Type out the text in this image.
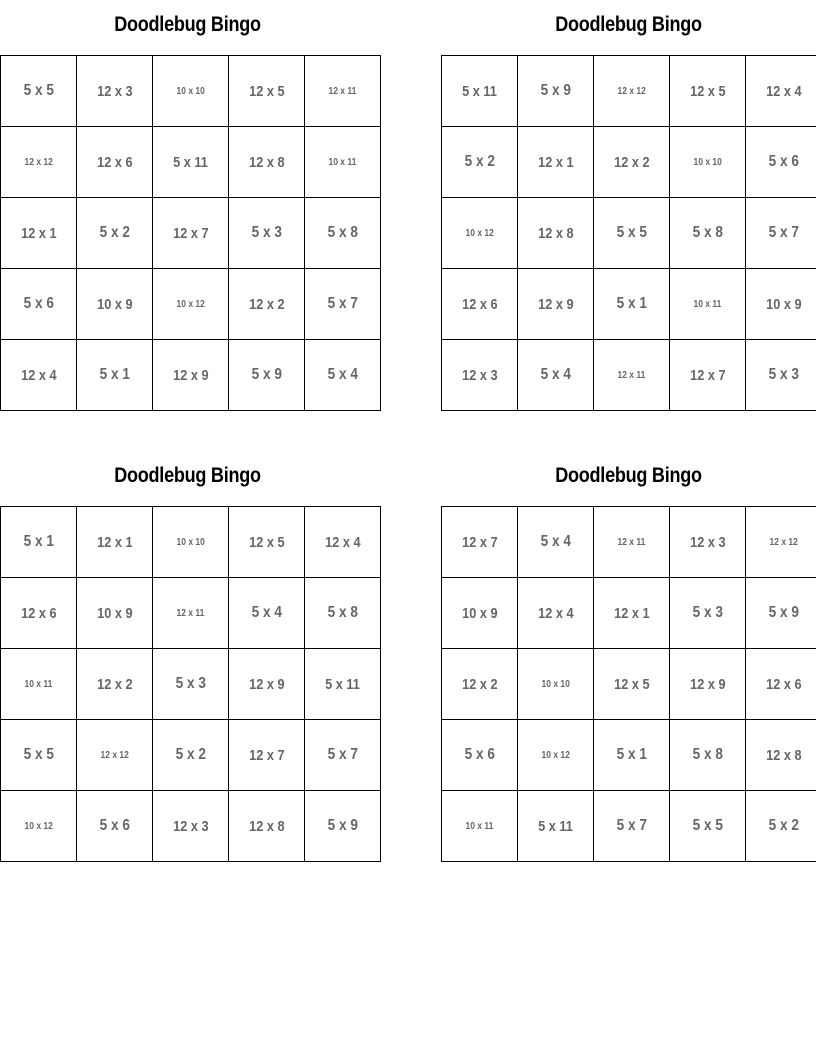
Doodlebug Bingo
5 x 5	12 x 3	10 x 10	12 x 5	12 x 11
12 x 12	12 x 6	5 x 11	12 x 8	10 x 11
12 x 1	5 x 2	12 x 7	5 x 3	5 x 8
5 x 6	10 x 9	10 x 12	12 x 2	5 x 7
12 x 4	5 x 1	12 x 9	5 x 9	5 x 4
Doodlebug Bingo
5 x 11	5 x 9	12 x 12	12 x 5	12 x 4
5 x 2	12 x 1	12 x 2	10 x 10	5 x 6
10 x 12	12 x 8	5 x 5	5 x 8	5 x 7
12 x 6	12 x 9	5 x 1	10 x 11	10 x 9
12 x 3	5 x 4	12 x 11	12 x 7	5 x 3
Doodlebug Bingo
5 x 1	12 x 1	10 x 10	12 x 5	12 x 4
12 x 6	10 x 9	12 x 11	5 x 4	5 x 8
10 x 11	12 x 2	5 x 3	12 x 9	5 x 11
5 x 5	12 x 12	5 x 2	12 x 7	5 x 7
10 x 12	5 x 6	12 x 3	12 x 8	5 x 9
Doodlebug Bingo
12 x 7	5 x 4	12 x 11	12 x 3	12 x 12
10 x 9	12 x 4	12 x 1	5 x 3	5 x 9
12 x 2	10 x 10	12 x 5	12 x 9	12 x 6
5 x 6	10 x 12	5 x 1	5 x 8	12 x 8
10 x 11	5 x 11	5 x 7	5 x 5	5 x 2
